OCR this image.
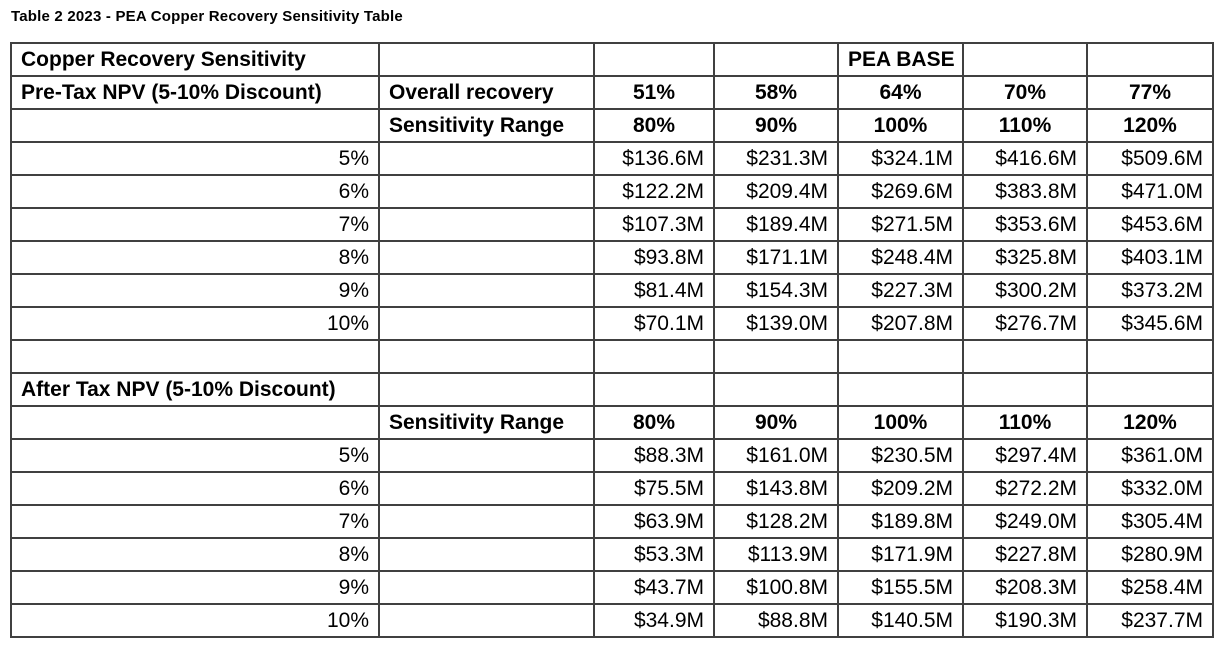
Table 2 2023 - PEA Copper Recovery Sensitivity Table
Copper Recovery Sensitivity				PEA BASE		
Pre-Tax NPV (5-10% Discount)	Overall recovery	51%	58%	64%	70%	77%
	Sensitivity Range	80%	90%	100%	110%	120%
5%		$136.6M	$231.3M	$324.1M	$416.6M	$509.6M
6%		$122.2M	$209.4M	$269.6M	$383.8M	$471.0M
7%		$107.3M	$189.4M	$271.5M	$353.6M	$453.6M
8%		$93.8M	$171.1M	$248.4M	$325.8M	$403.1M
9%		$81.4M	$154.3M	$227.3M	$300.2M	$373.2M
10%		$70.1M	$139.0M	$207.8M	$276.7M	$345.6M

After Tax NPV (5-10% Discount)						
	Sensitivity Range	80%	90%	100%	110%	120%
5%		$88.3M	$161.0M	$230.5M	$297.4M	$361.0M
6%		$75.5M	$143.8M	$209.2M	$272.2M	$332.0M
7%		$63.9M	$128.2M	$189.8M	$249.0M	$305.4M
8%		$53.3M	$113.9M	$171.9M	$227.8M	$280.9M
9%		$43.7M	$100.8M	$155.5M	$208.3M	$258.4M
10%		$34.9M	$88.8M	$140.5M	$190.3M	$237.7M
